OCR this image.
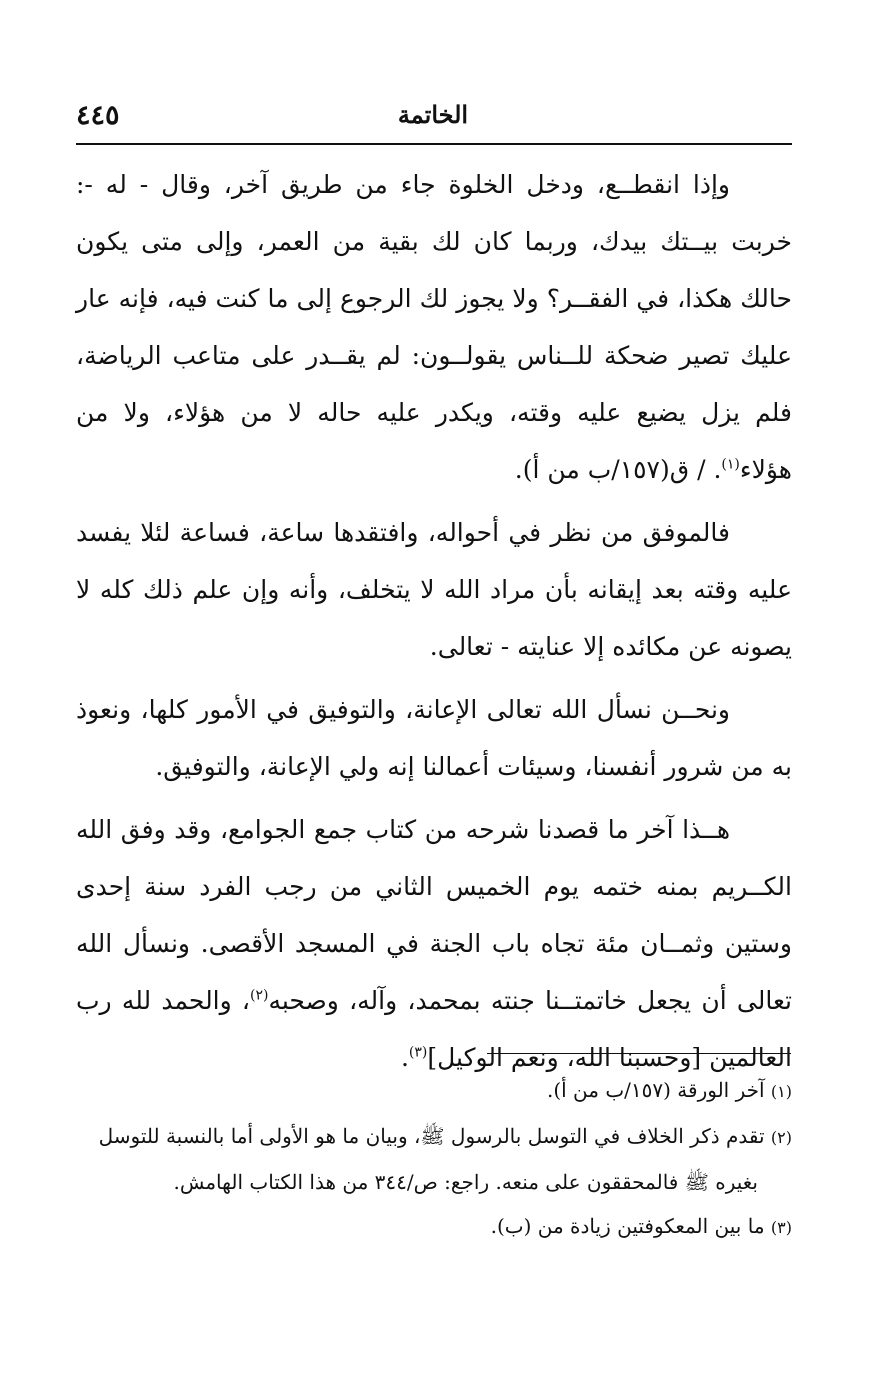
٤٤٥	الخاتمة

وإذا انقطــع، ودخل الخلوة جاء من طريق آخر، وقال - له -: خربت بيــتك بيدك، وربما كان لك بقية من العمر، وإلى متى يكون حالك هكذا، في الفقــر؟ ولا يجوز لك الرجوع إلى ما كنت فيه، فإنه عار عليك تصير ضحكة للــناس يقولــون: لم يقــدر على متاعب الرياضة، فلم يزل يضيع عليه وقته، ويكدر عليه حاله لا من هؤلاء، ولا من هؤلاء$^{(١)}$. / ق(١٥٧/ب من أ).

فالموفق من نظر في أحواله، وافتقدها ساعة، فساعة لئلا يفسد عليه وقته بعد إيقانه بأن مراد الله لا يتخلف، وأنه وإن علم ذلك كله لا يصونه عن مكائده إلا عنايته - تعالى.

ونحــن نسأل الله تعالى الإعانة، والتوفيق في الأمور كلها، ونعوذ به من شرور أنفسنا، وسيئات أعمالنا إنه ولي الإعانة، والتوفيق.

هــذا آخر ما قصدنا شرحه من كتاب جمع الجوامع، وقد وفق الله الكــريم بمنه ختمه يوم الخميس الثاني من رجب الفرد سنة إحدى وستين وثمــان مئة تجاه باب الجنة في المسجد الأقصى. ونسأل الله تعالى أن يجعل خاتمتــنا جنته بمحمد، وآله، وصحبه$^{(٢)}$، والحمد لله رب العالمين [وحسبنا الله، ونعم الوكيل]$^{(٣)}$.

(١) آخر الورقة (١٥٧/ب من أ).

(٢) تقدم ذكر الخلاف في التوسل بالرسول ﷺ، وبيان ما هو الأولى أما بالنسبة للتوسل

بغيره ﷺ فالمحققون على منعه. راجع: ص/٣٤٤ من هذا الكتاب الهامش.

(٣) ما بين المعكوفتين زيادة من (ب).
